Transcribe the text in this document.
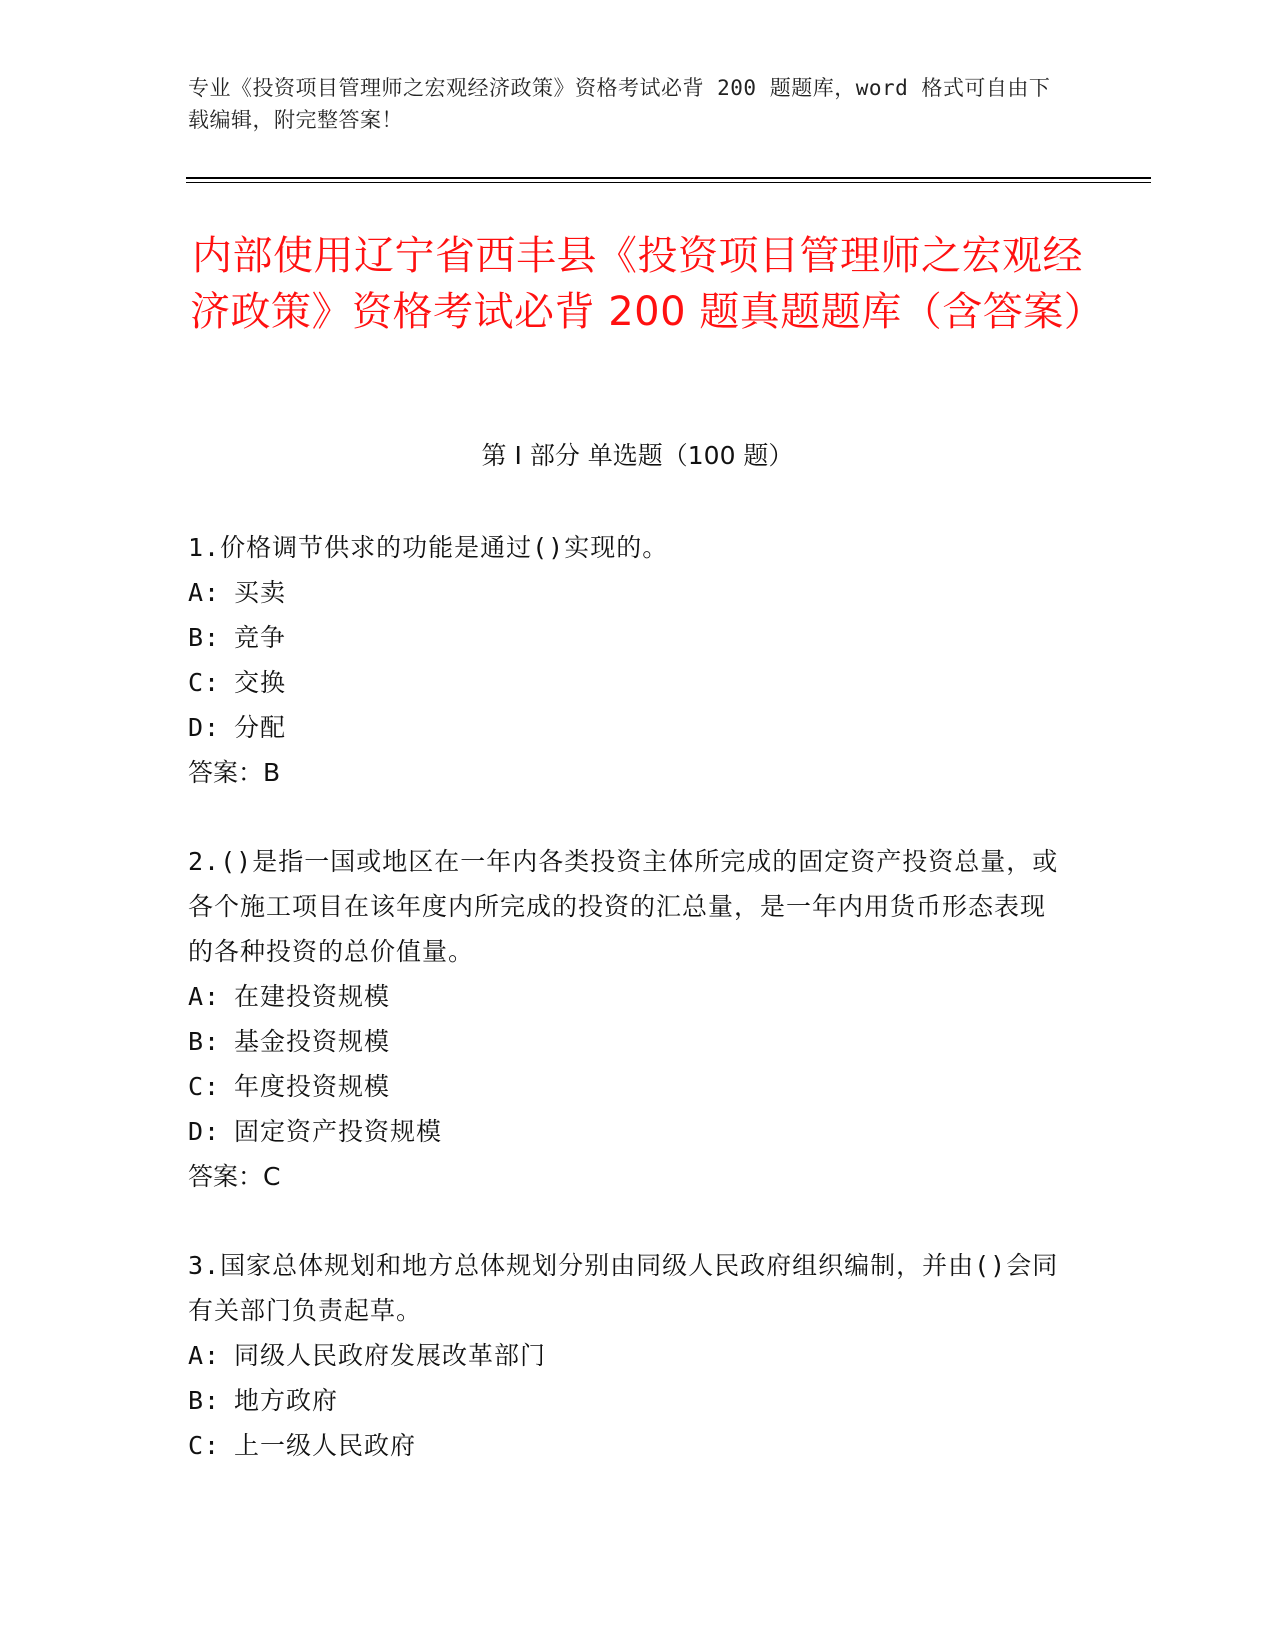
专业《投资项目管理师之宏观经济政策》资格考试必背 200 题题库，word 格式可自由下载编辑，附完整答案！

内部使用辽宁省西丰县《投资项目管理师之宏观经济政策》资格考试必背 200 题真题题库（含答案）
第 I 部分 单选题（100 题）

1.价格调节供求的功能是通过()实现的。

A: 买卖

B: 竞争

C: 交换

D: 分配

答案：B

2.()是指一国或地区在一年内各类投资主体所完成的固定资产投资总量，或各个施工项目在该年度内所完成的投资的汇总量，是一年内用货币形态表现的各种投资的总价值量。

A: 在建投资规模

B: 基金投资规模

C: 年度投资规模

D: 固定资产投资规模

答案：C

3.国家总体规划和地方总体规划分别由同级人民政府组织编制，并由()会同有关部门负责起草。

A: 同级人民政府发展改革部门

B: 地方政府

C: 上一级人民政府
